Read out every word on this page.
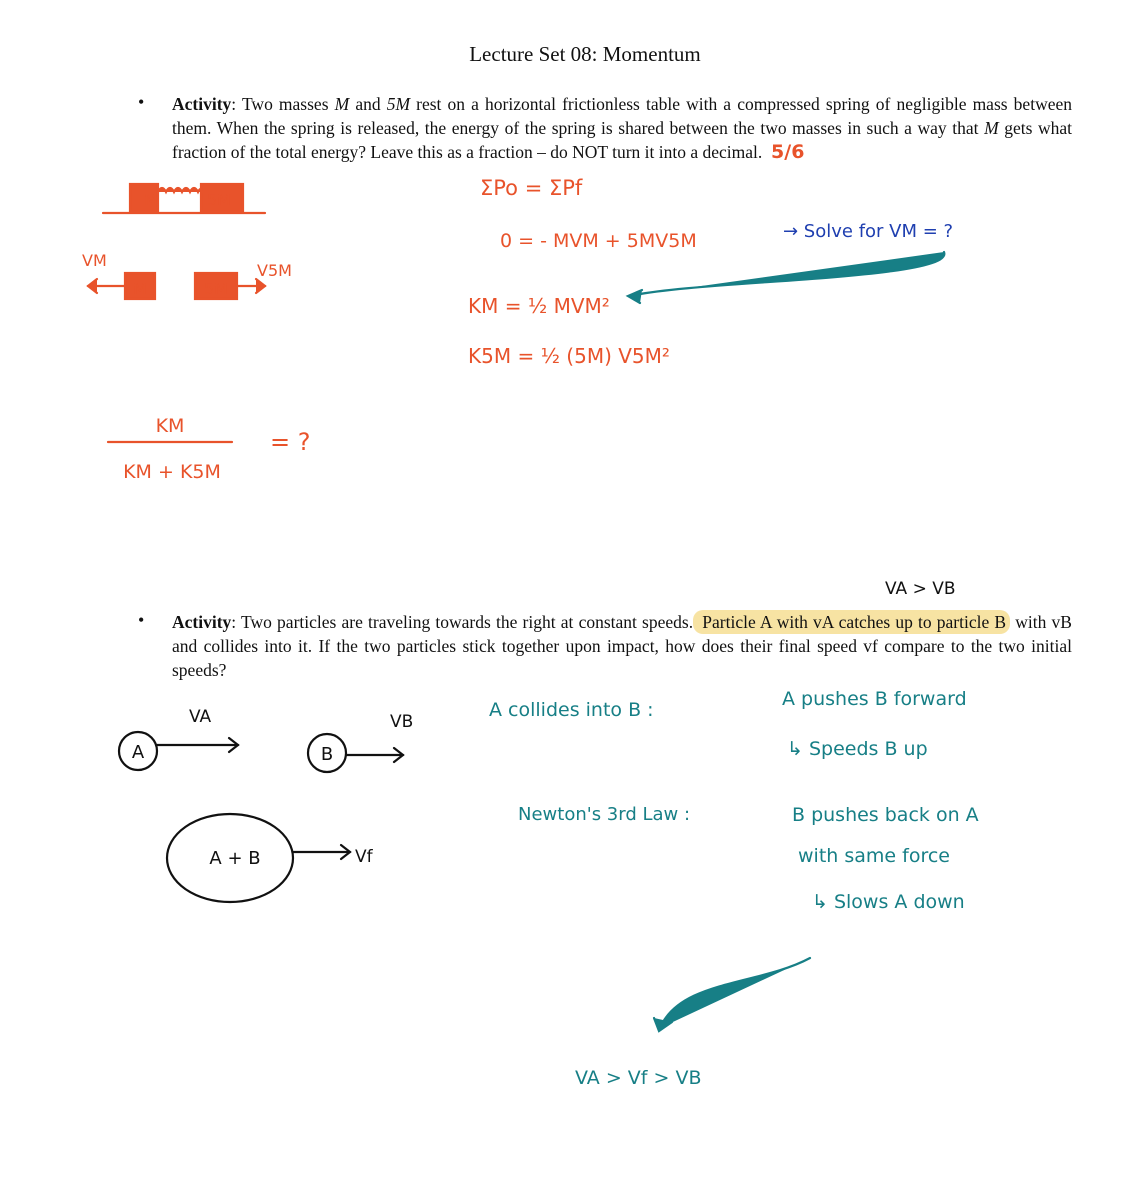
Lecture Set 08: Momentum
• Activity: Two masses M and 5M rest on a horizontal frictionless table with a compressed spring of negligible mass between them. When the spring is released, the energy of the spring is shared between the two masses in such a way that M gets what fraction of the total energy? Leave this as a fraction – do NOT turn it into a decimal. 5/6
• Activity: Two particles are traveling towards the right at constant speeds. Particle A with vA catches up to particle B with vB and collides into it. If the two particles stick together upon impact, how does their final speed vf compare to the two initial speeds?
M	5M
M	5M
VM
V5M
ΣPo = ΣPf
0 = - MVM + 5MV5M
KM = ½ MVM²
K5M = ½ (5M) V5M²
KM
KM + K5M
= ?
→ Solve for VM = ?
VA > VB
A	B
A + B
VA	VB
Vf
A collides into B :	A pushes B forward
↳ Speeds B up
Newton's 3rd Law :	B pushes back on A
with same force
↳ Slows A down
VA > Vf > VB
